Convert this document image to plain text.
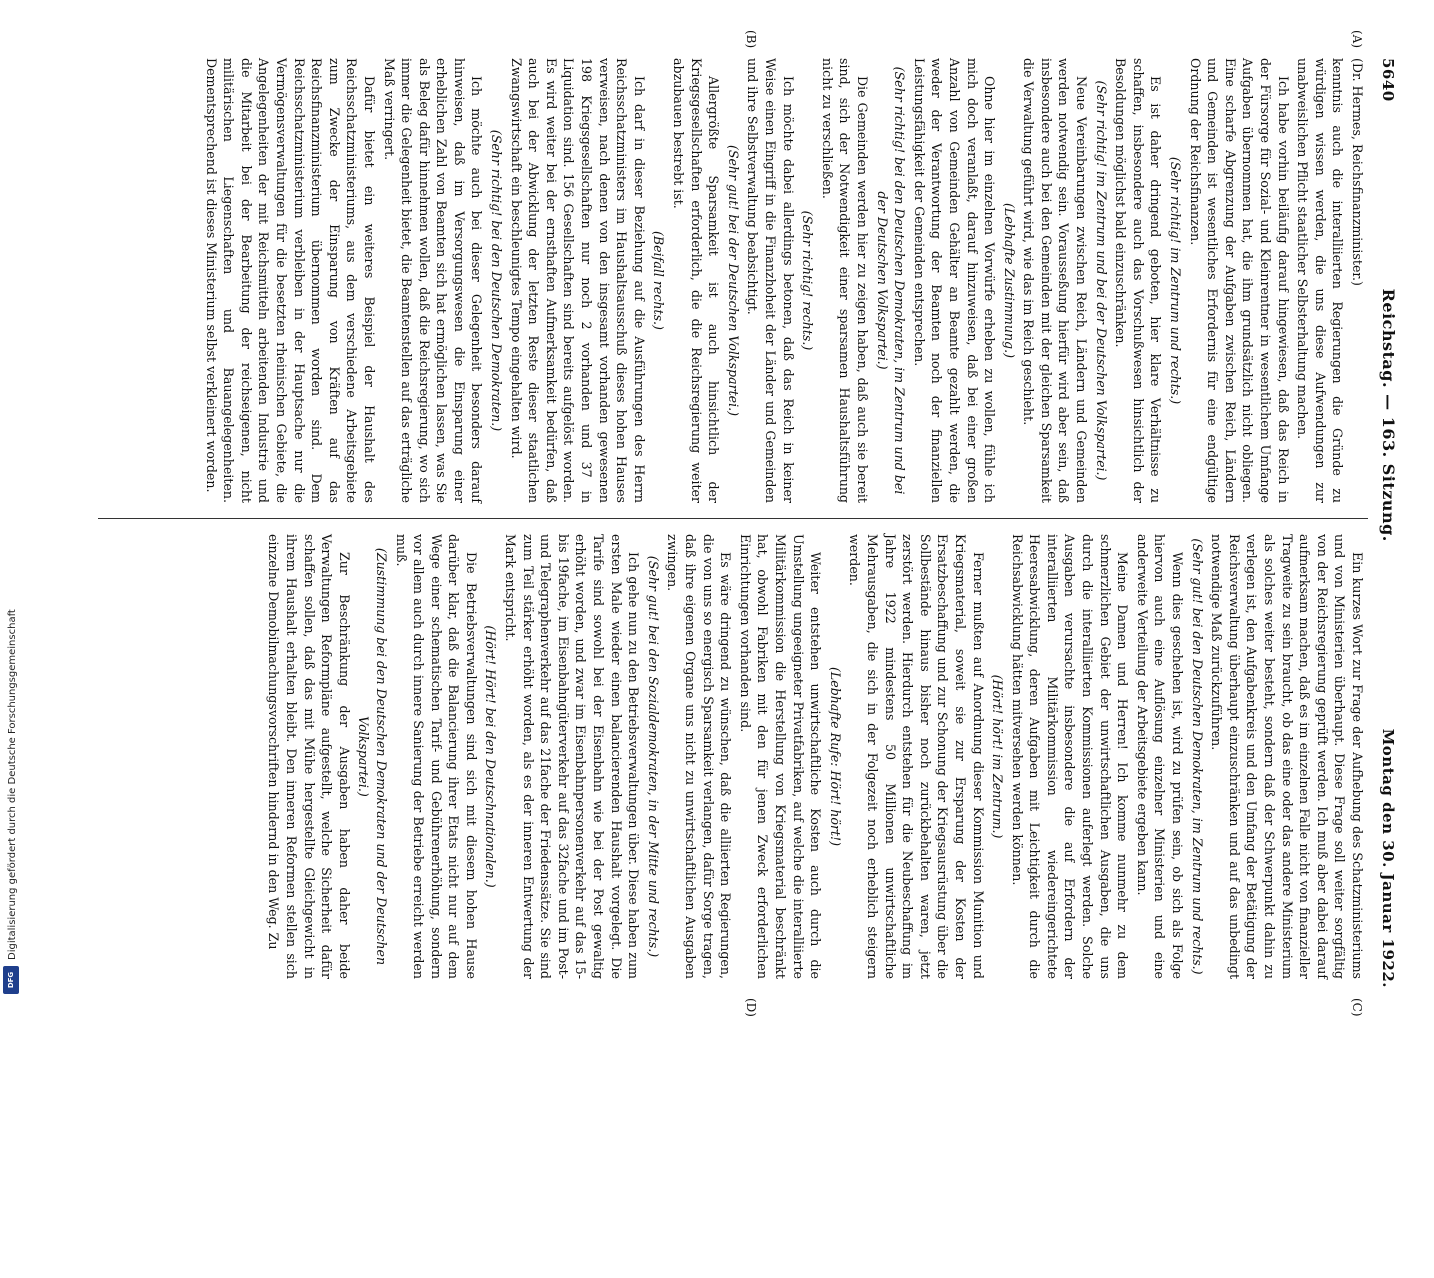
Digitalisierung gefördert durch die Deutsche Forschungsgemeinschaft
DFG
5640
Reichstag. — 163. Sitzung.
Montag den 30. Januar 1922.
(A)
(B)
(C)
(D)

(Dr. Hermes, Reichsfinanzminister.)

kenntnis auch die interalliierten Regierungen die Gründe zu würdigen wissen werden, die uns diese Aufwendungen zur unabweislichen Pflicht staatlicher Selbsterhaltung machen.

Ich habe vorhin beiläufig darauf hingewiesen, daß das Reich in der Fürsorge für Sozial- und Kleinrentner in wesentlichem Umfange Aufgaben übernommen hat, die ihm grundsätzlich nicht obliegen. Eine scharfe Abgrenzung der Aufgaben zwischen Reich, Ländern und Gemeinden ist wesentliches Erfordernis für eine endgültige Ordnung der Reichsfinanzen.

(Sehr richtig! im Zentrum und rechts.)

Es ist daher dringend geboten, hier klare Verhältnisse zu schaffen, insbesondere auch das Vorschußwesen hinsichtlich der Besoldungen möglichst bald einzuschränken.

(Sehr richtig! im Zentrum und bei der Deutschen Volkspartei.)

Neue Vereinbarungen zwischen Reich, Ländern und Gemeinden werden notwendig sein. Vorausseßung hierfür wird aber sein, daß insbesondere auch bei den Gemeinden mit der gleichen Sparsamkeit die Verwaltung geführt wird, wie das im Reich geschieht.

(Lebhafte Zustimmung.)

Ohne hier im einzelnen Vorwürfe erheben zu wollen, fühle ich mich doch veranlaßt, darauf hinzuweisen, daß bei einer großen Anzahl von Gemeinden Gehälter an Beamte gezahlt werden, die weder der Verantwortung der Beamten noch der finanziellen Leistungsfähigkeit der Gemeinden entsprechen.

(Sehr richtig! bei den Deutschen Demokraten, im Zentrum und bei der Deutschen Volkspartei.)

Die Gemeinden werden hier zu zeigen haben, daß auch sie bereit sind, sich der Notwendigkeit einer sparsamen Haushaltsführung nicht zu verschließen.

(Sehr richtig! rechts.)

Ich möchte dabei allerdings betonen, daß das Reich in keiner Weise einen Eingriff in die Finanzhoheit der Länder und Gemeinden und ihre Selbstverwaltung beabsichtigt.

(Sehr gut! bei der Deutschen Volkspartei.)

Allergrößte Sparsamkeit ist auch hinsichtlich der Kriegsgesellschaften erforderlich, die die Reichsregierung weiter abzubauen bestrebt ist.

(Beifall rechts.)

Ich darf in dieser Beziehung auf die Ausführungen des Herrn Reichsschatzministers im Haushaltsausschuß dieses hohen Hauses verweisen, nach denen von den insgesamt vorhanden gewesenen 198 Kriegsgesellschaften nur noch 2 vorhanden und 37 in Liquidation sind. 156 Gesellschaften sind bereits aufgelöst worden. Es wird weiter bei der ernsthaften Aufmerksamkeit bedürfen, daß auch bei der Abwicklung der letzten Reste dieser staatlichen Zwangswirtschaft ein beschleunigtes Tempo eingehalten wird.

(Sehr richtig! bei den Deutschen Demokraten.)

Ich möchte auch bei dieser Gelegenheit besonders darauf hinweisen, daß im Versorgungswesen die Einsparung einer erheblichen Zahl von Beamten sich hat ermöglichen lassen, was Sie als Beleg dafür hinnehmen wollen, daß die Reichsregierung, wo sich immer die Gelegenheit bietet, die Beamtenstellen auf das erträgliche Maß verringert.

Dafür bietet ein weiteres Beispiel der Haushalt des Reichsschatzministeriums, aus dem verschiedene Arbeitsgebiete zum Zwecke der Einsparung von Kräften auf das Reichsfinanzministerium übernommen worden sind. Dem Reichsschatzministerium verbleiben in der Hauptsache nur die Vermögensverwaltungen für die besetzten rheinischen Gebiete, die Angelegenheiten der mit Reichsmitteln arbeitenden Industrie und die Mitarbeit bei der Bearbeitung der reichseigenen, nicht militärischen Liegenschaften und Bauangelegenheiten. Dementsprechend ist dieses Ministerium selbst verkleinert worden.

Ein kurzes Wort zur Frage der Aufhebung des Schatzministeriums und von Ministerien überhaupt. Diese Frage soll weiter sorgfältig von der Reichsregierung geprüft werden. Ich muß aber dabei darauf aufmerksam machen, daß es im einzelnen Falle nicht von finanzieller Tragweite zu sein braucht, ob das eine oder das andere Ministerium als solches weiter besteht, sondern daß der Schwerpunkt dahin zu verlegen ist, den Aufgabenkreis und den Umfang der Betätigung der Reichsverwaltung überhaupt einzuschränken und auf das unbedingt notwendige Maß zurückzuführen.

(Sehr gut! bei den Deutschen Demokraten, im Zentrum und rechts.)

Wenn dies geschehen ist, wird zu prüfen sein, ob sich als Folge hiervon auch eine Auflösung einzelner Ministerien und eine anderweite Verteilung der Arbeitsgebiete ergeben kann.

Meine Damen und Herren! Ich komme nunmehr zu dem schmerzlichen Gebiet der unwirtschaftlichen Ausgaben, die uns durch die interalliierten Kommissionen auferlegt werden. Solche Ausgaben verursachte insbesondere die auf Erfordern der interalliierten Militärkommission wiedereingerichtete Heeresabwicklung, deren Aufgaben mit Leichtigkeit durch die Reichsabwicklung hätten mitversehen werden können.

(Hört! hört! im Zentrum.)

Ferner mußten auf Anordnung dieser Kommission Munition und Kriegsmaterial, soweit sie zur Ersparung der Kosten der Ersatzbeschaffung und zur Schonung der Kriegsausrüstung über die Sollbestände hinaus bisher noch zurückbehalten waren, jetzt zerstört werden. Hierdurch entstehen für die Neubeschaffung im Jahre 1922 mindestens 50 Millionen unwirtschaftliche Mehrausgaben, die sich in der Folgezeit noch erheblich steigern werden.

(Lebhafte Rufe: Hört! hört!)

Weiter entstehen unwirtschaftliche Kosten auch durch die Umstellung ungeeigneter Privatfabriken, auf welche die interalliierte Militärkommission die Herstellung von Kriegsmaterial beschränkt hat, obwohl Fabriken mit den für jenen Zweck erforderlichen Einrichtungen vorhanden sind.

Es wäre dringend zu wünschen, daß die alliierten Regierungen, die von uns so energisch Sparsamkeit verlangen, dafür Sorge tragen, daß ihre eigenen Organe uns nicht zu unwirtschaftlichen Ausgaben zwingen.

(Sehr gut! bei den Sozialdemokraten, in der Mitte und rechts.)

Ich gehe nun zu den Betriebsverwaltungen über. Diese haben zum ersten Male wieder einen balancierenden Haushalt vorgelegt. Die Tarife sind sowohl bei der Eisenbahn wie bei der Post gewaltig erhöht worden, und zwar im Eisenbahnpersonenverkehr auf das 15- bis 19fache, im Eisenbahngüterverkehr auf das 32fache und im Post- und Telegraphenverkehr auf das 21fache der Friedenssätze. Sie sind zum Teil stärker erhöht worden, als es der inneren Entwertung der Mark entspricht.

(Hört! Hört! bei den Deutschnationalen.)

Die Betriebsverwaltungen sind sich mit diesem hohen Hause darüber klar, daß die Balancierung ihrer Etats nicht nur auf dem Wege einer schematischen Tarif- und Gebührenerhöhung, sondern vor allem auch durch innere Sanierung der Betriebe erreicht werden muß.

(Zustimmung bei den Deutschen Demokraten und der Deutschen Volkspartei.)

Zur Beschränkung der Ausgaben haben daher beide Verwaltungen Reformpläne aufgestellt, welche Sicherheit dafür schaffen sollen, daß das mit Mühe hergestellte Gleichgewicht in ihrem Haushalt erhalten bleibt. Den inneren Reformen stellen sich einzelne Demobilmachungsvorschriften hindernd in den Weg. Zu
